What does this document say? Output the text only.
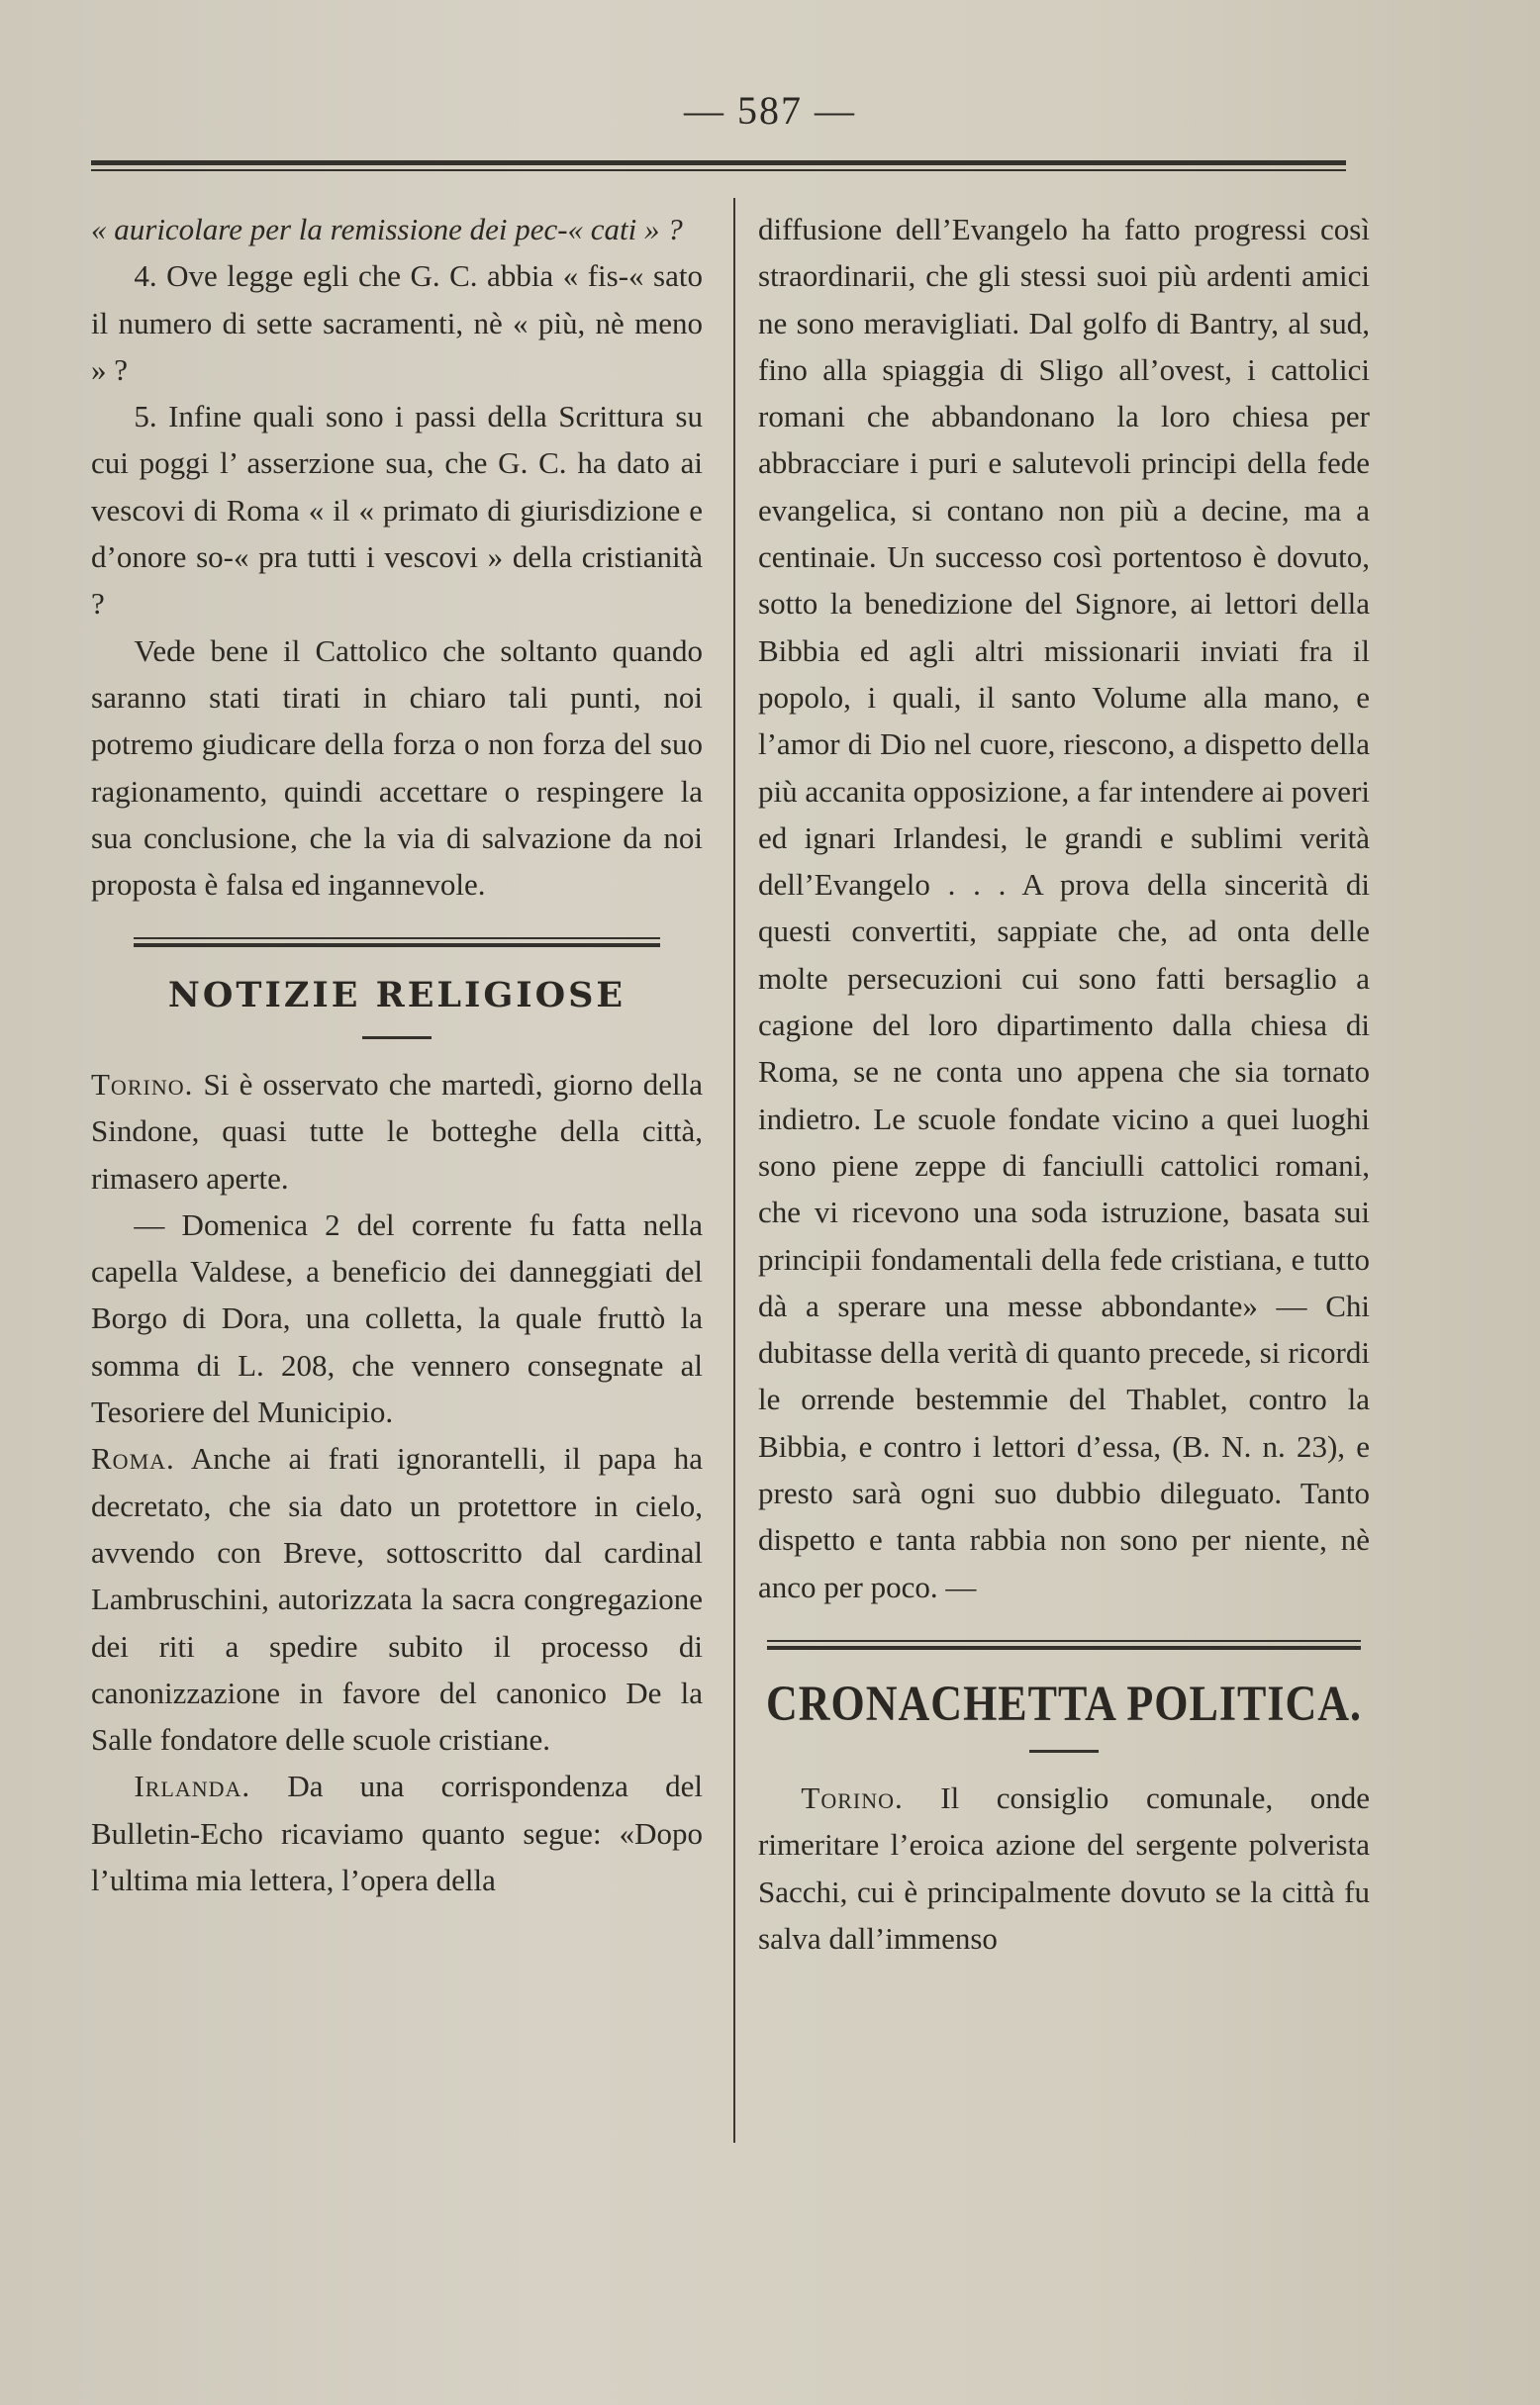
— 587 —

« auricolare per la remissione dei pec-« cati » ?

4. Ove legge egli che G. C. abbia « fis-« sato il numero di sette sacramenti, nè « più, nè meno » ?

5. Infine quali sono i passi della Scrittura su cui poggi l’ asserzione sua, che G. C. ha dato ai vescovi di Roma « il « primato di giurisdizione e d’onore so-« pra tutti i vescovi » della cristianità ?

Vede bene il Cattolico che soltanto quando saranno stati tirati in chiaro tali punti, noi potremo giudicare della forza o non forza del suo ragionamento, quindi accettare o respingere la sua conclusione, che la via di salvazione da noi proposta è falsa ed ingannevole.

NOTIZIE RELIGIOSE

Torino. Si è osservato che martedì, giorno della Sindone, quasi tutte le botteghe della città, rimasero aperte.

— Domenica 2 del corrente fu fatta nella capella Valdese, a beneficio dei danneggiati del Borgo di Dora, una colletta, la quale fruttò la somma di L. 208, che vennero consegnate al Tesoriere del Municipio.

Roma. Anche ai frati ignorantelli, il papa ha decretato, che sia dato un protettore in cielo, avvendo con Breve, sottoscritto dal cardinal Lambruschini, autorizzata la sacra congregazione dei riti a spedire subito il processo di canonizzazione in favore del canonico De la Salle fondatore delle scuole cristiane.

Irlanda. Da una corrispondenza del Bulletin-Echo ricaviamo quanto segue: «Dopo l’ultima mia lettera, l’opera della

diffusione dell’Evangelo ha fatto progressi così straordinarii, che gli stessi suoi più ardenti amici ne sono meravigliati. Dal golfo di Bantry, al sud, fino alla spiaggia di Sligo all’ovest, i cattolici romani che abbandonano la loro chiesa per abbracciare i puri e salutevoli principi della fede evangelica, si contano non più a decine, ma a centinaie. Un successo così portentoso è dovuto, sotto la benedizione del Signore, ai lettori della Bibbia ed agli altri missionarii inviati fra il popolo, i quali, il santo Volume alla mano, e l’amor di Dio nel cuore, riescono, a dispetto della più accanita opposizione, a far intendere ai poveri ed ignari Irlandesi, le grandi e sublimi verità dell’Evangelo . . . A prova della sincerità di questi convertiti, sappiate che, ad onta delle molte persecuzioni cui sono fatti bersaglio a cagione del loro dipartimento dalla chiesa di Roma, se ne conta uno appena che sia tornato indietro. Le scuole fondate vicino a quei luoghi sono piene zeppe di fanciulli cattolici romani, che vi ricevono una soda istruzione, basata sui principii fondamentali della fede cristiana, e tutto dà a sperare una messe abbondante» — Chi dubitasse della verità di quanto precede, si ricordi le orrende bestemmie del Thablet, contro la Bibbia, e contro i lettori d’essa, (B. N. n. 23), e presto sarà ogni suo dubbio dileguato. Tanto dispetto e tanta rabbia non sono per niente, nè anco per poco. —

CRONACHETTA POLITICA.

Torino. Il consiglio comunale, onde rimeritare l’eroica azione del sergente polverista Sacchi, cui è principalmente dovuto se la città fu salva dall’immenso
